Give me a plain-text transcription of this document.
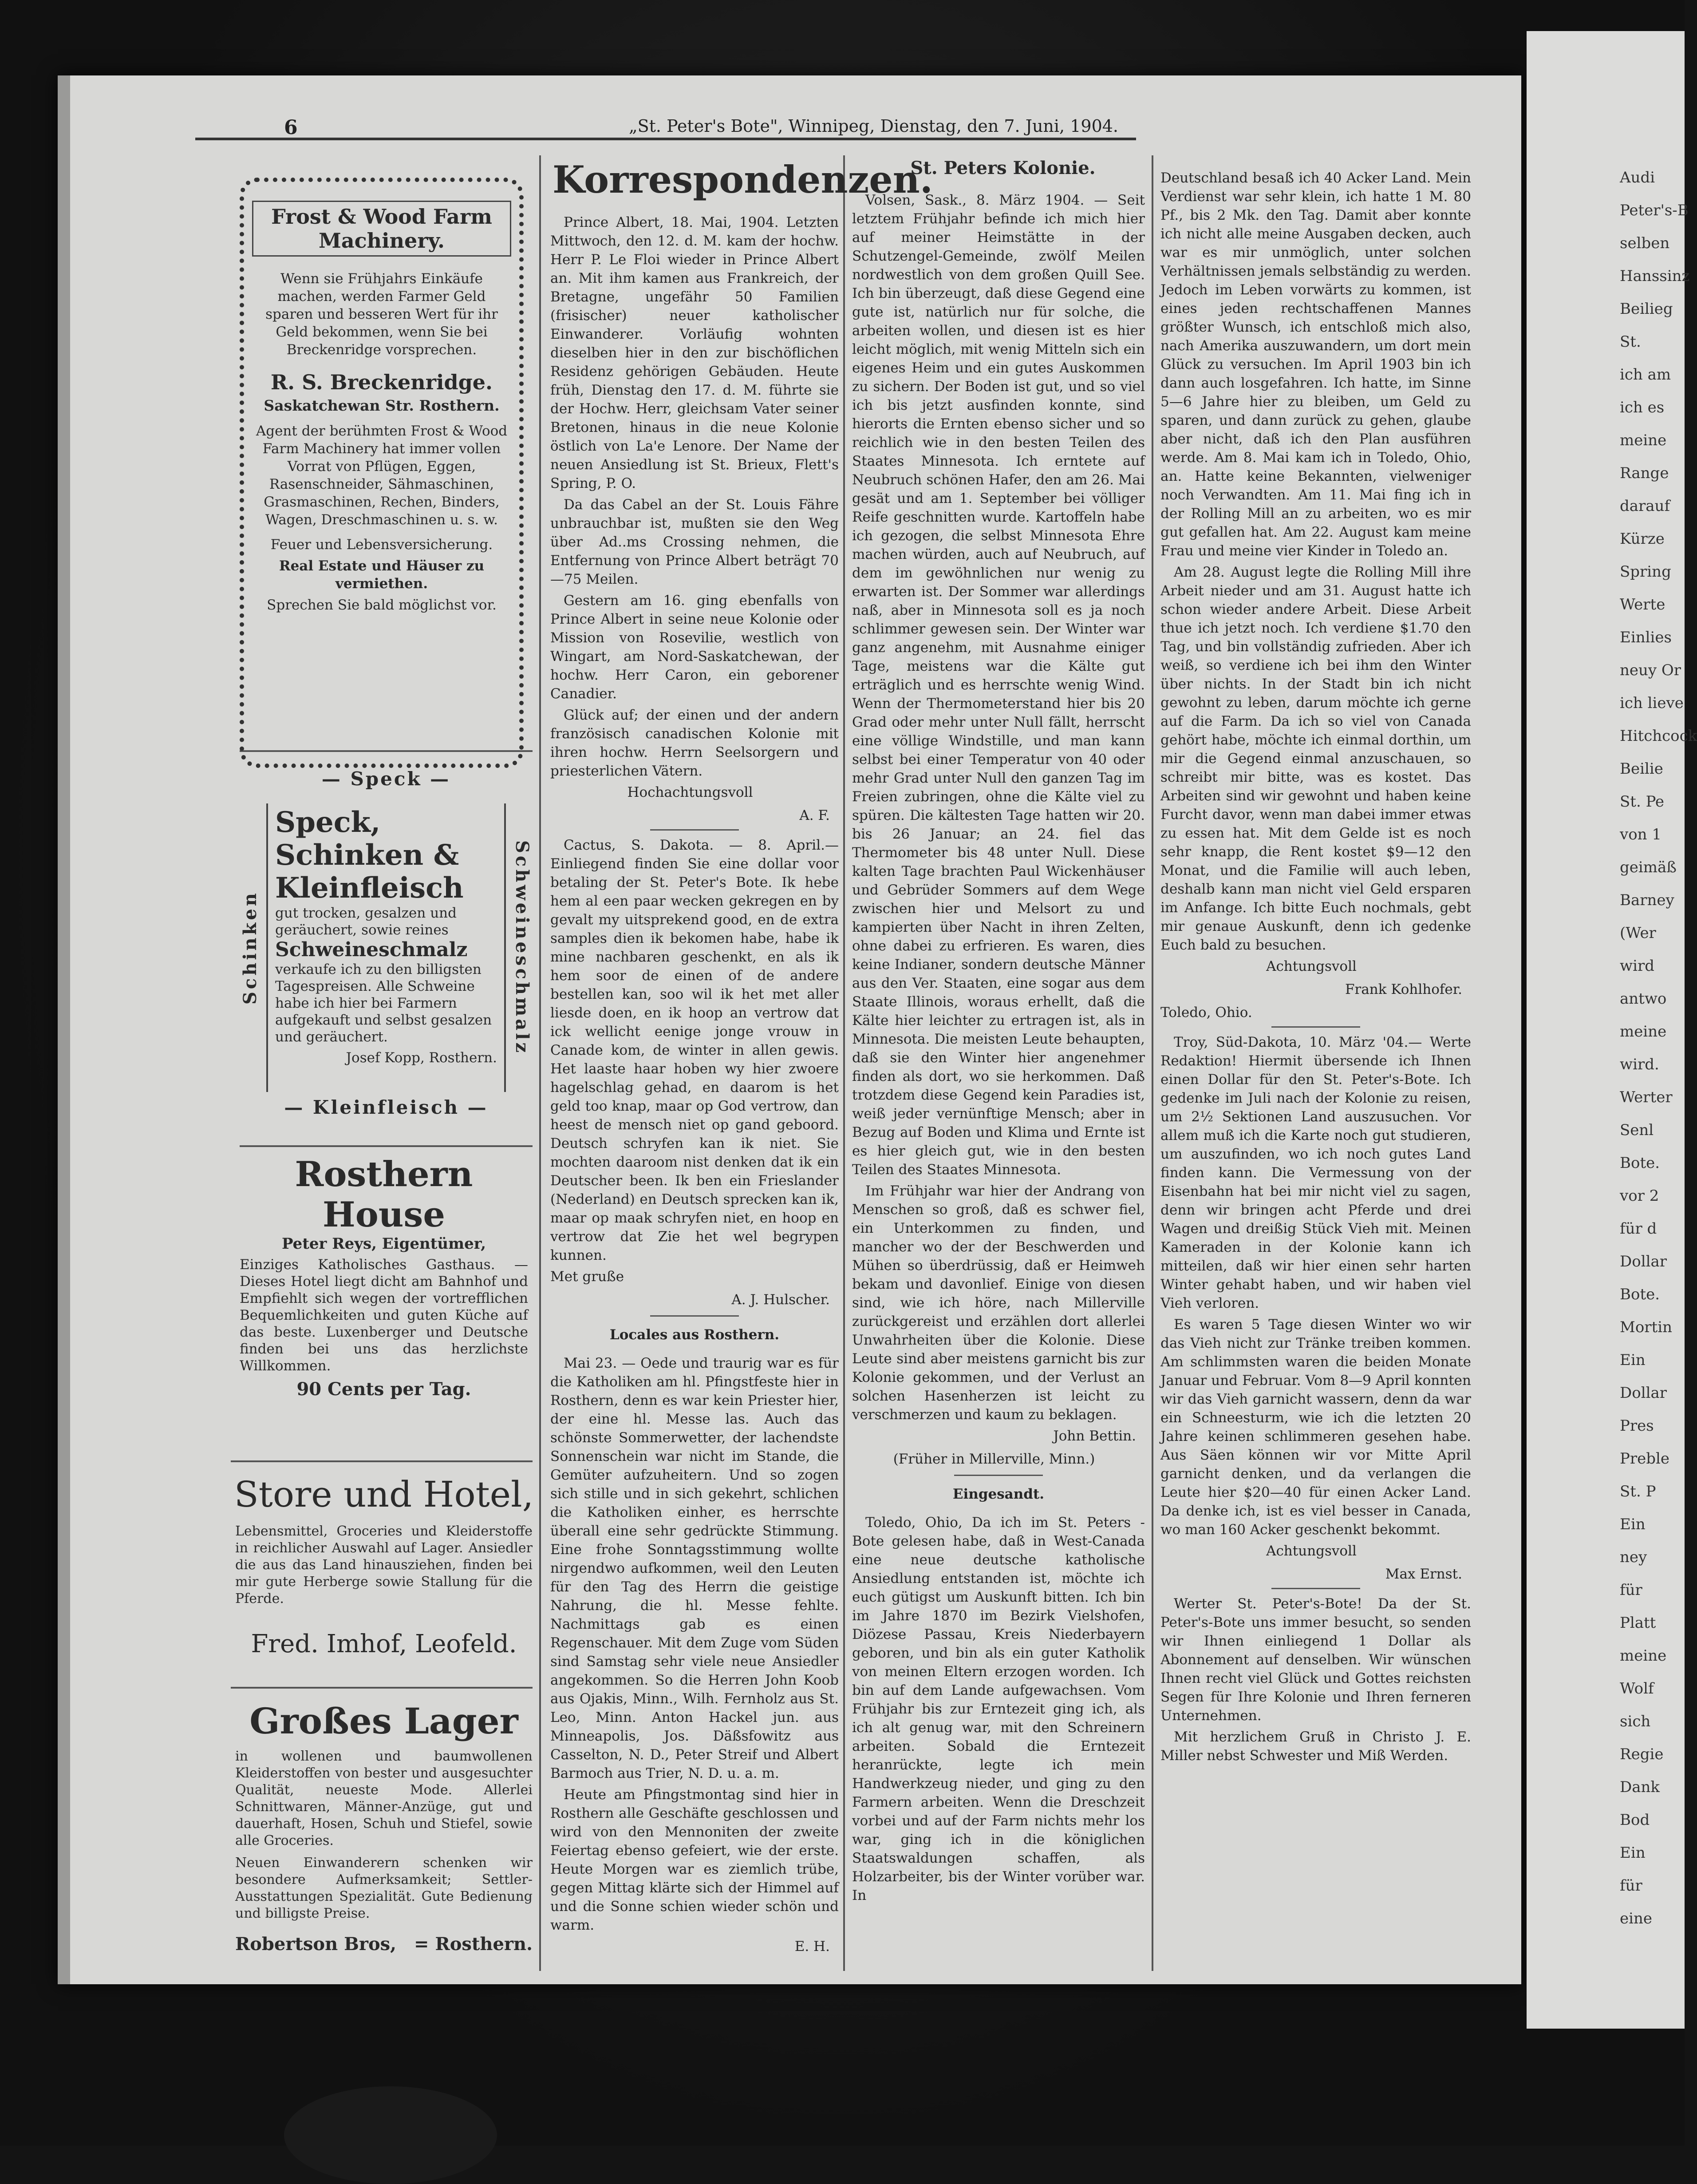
Audi
Peter's-B
selben
Hanssinz
Beilieg
St.
ich am
ich es
meine
Range
darauf
Kürze
Spring
Werte
Einlies
neuy Or
ich lieve
Hitchcock
Beilie
St. Pe
von 1
geimäß
Barney
(Wer
wird
antwo
meine
wird.
Werter
Senl
Bote.
vor 2
für d
Dollar
Bote.
Mortin
Ein
Dollar
Pres
Preble
St. P
Ein
ney
für
Platt
meine
Wolf
sich
Regie
Dank
Bod
Ein
für
eine
6	„St. Peter's Bote", Winnipeg, Dienstag, den 7. Juni, 1904.
Frost & Wood Farm Machinery.
Wenn sie Frühjahrs Einkäufe machen, werden Farmer Geld sparen und besseren Wert für ihr Geld bekommen, wenn Sie bei Breckenridge vorsprechen.
R. S. Breckenridge.
Saskatchewan Str. Rosthern.
Agent der berühmten Frost & Wood Farm Machinery hat immer vollen Vorrat von Pflügen, Eggen, Rasenschneider, Sähmaschinen, Grasmaschinen, Rechen, Binders, Wagen, Dreschmaschinen u. s. w.
Feuer und Lebensversicherung.
Real Estate und Häuser zu vermiethen.
Sprechen Sie bald möglichst vor.
— Speck —
Schinken
Speck, Schinken & Kleinfleisch
gut trocken, gesalzen und geräuchert, sowie reines
Schweineschmalz
verkaufe ich zu den billigsten Tagespreisen. Alle Schweine habe ich hier bei Farmern aufgekauft und selbst gesalzen und geräuchert.
Josef Kopp, Rosthern.
Schweineschmalz
— Kleinfleisch —
Rosthern House
Peter Reys, Eigentümer,
Einziges Katholisches Gasthaus. — Dieses Hotel liegt dicht am Bahnhof und Empfiehlt sich wegen der vortrefflichen Bequemlichkeiten und guten Küche auf das beste. Luxenberger und Deutsche finden bei uns das herzlichste Willkommen.
90 Cents per Tag.
Store und Hotel,
Lebensmittel, Groceries und Kleiderstoffe in reichlicher Auswahl auf Lager. Ansiedler die aus das Land hinausziehen, finden bei mir gute Herberge sowie Stallung für die Pferde.
Fred. Imhof, Leofeld.
Großes Lager
in wollenen und baumwollenen Kleiderstoffen von bester und ausgesuchter Qualität, neueste Mode. Allerlei Schnittwaren, Männer-Anzüge, gut und dauerhaft, Hosen, Schuh und Stiefel, sowie alle Groceries.
Neuen Einwanderern schenken wir besondere Aufmerksamkeit; Settler-Ausstattungen Spezialität. Gute Bedienung und billigste Preise.
Robertson Bros, = Rosthern.
Korrespondenzen.

Prince Albert, 18. Mai, 1904. Letzten Mittwoch, den 12. d. M. kam der hochw. Herr P. Le Floi wieder in Prince Albert an. Mit ihm kamen aus Frankreich, der Bretagne, ungefähr 50 Familien (frisischer) neuer katholischer Einwanderer. Vorläufig wohnten dieselben hier in den zur bischöflichen Residenz gehörigen Gebäuden. Heute früh, Dienstag den 17. d. M. führte sie der Hochw. Herr, gleichsam Vater seiner Bretonen, hinaus in die neue Kolonie östlich von La'e Lenore. Der Name der neuen Ansiedlung ist St. Brieux, Flett's Spring, P. O.

Da das Cabel an der St. Louis Fähre unbrauchbar ist, mußten sie den Weg über Ad..ms Crossing nehmen, die Entfernung von Prince Albert beträgt 70—75 Meilen.

Gestern am 16. ging ebenfalls von Prince Albert in seine neue Kolonie oder Mission von Rosevilie, westlich von Wingart, am Nord-Saskatchewan, der hochw. Herr Caron, ein geborener Canadier.

Glück auf; der einen und der andern französisch canadischen Kolonie mit ihren hochw. Herrn Seelsorgern und priesterlichen Vätern.

Hochachtungsvoll

A. F.

Cactus, S. Dakota. — 8. April.— Einliegend finden Sie eine dollar voor betaling der St. Peter's Bote. Ik hebe hem al een paar wecken gekregen en by gevalt my uitsprekend good, en de extra samples dien ik bekomen habe, habe ik mine nachbaren geschenkt, en als ik hem soor de einen of de andere bestellen kan, soo wil ik het met aller liesde doen, en ik hoop an vertrow dat ick wellicht eenige jonge vrouw in Canade kom, de winter in allen gewis. Het laaste haar hoben wy hier zwoere hagelschlag gehad, en daarom is het geld too knap, maar op God vertrow, dan heest de mensch niet op gand geboord. Deutsch schryfen kan ik niet. Sie mochten daaroom nist denken dat ik ein Deutscher been. Ik ben ein Frieslander (Nederland) en Deutsch sprecken kan ik, maar op maak schryfen niet, en hoop en vertrow dat Zie het wel begrypen kunnen.

Met gruße

A. J. Hulscher.

Locales aus Rosthern.

Mai 23. — Oede und traurig war es für die Katholiken am hl. Pfingstfeste hier in Rosthern, denn es war kein Priester hier, der eine hl. Messe las. Auch das schönste Sommerwetter, der lachendste Sonnenschein war nicht im Stande, die Gemüter aufzuheitern. Und so zogen sich stille und in sich gekehrt, schlichen die Katholiken einher, es herrschte überall eine sehr gedrückte Stimmung. Eine frohe Sonntagsstimmung wollte nirgendwo aufkommen, weil den Leuten für den Tag des Herrn die geistige Nahrung, die hl. Messe fehlte. Nachmittags gab es einen Regenschauer. Mit dem Zuge vom Süden sind Samstag sehr viele neue Ansiedler angekommen. So die Herren John Koob aus Ojakis, Minn., Wilh. Fernholz aus St. Leo, Minn. Anton Hackel jun. aus Minneapolis, Jos. Däßsfowitz aus Casselton, N. D., Peter Streif und Albert Barmoch aus Trier, N. D. u. a. m.

Heute am Pfingstmontag sind hier in Rosthern alle Geschäfte geschlossen und wird von den Mennoniten der zweite Feiertag ebenso gefeiert, wie der erste. Heute Morgen war es ziemlich trübe, gegen Mittag klärte sich der Himmel auf und die Sonne schien wieder schön und warm.

E. H.

St. Peters Kolonie.

Volsen, Sask., 8. März 1904. — Seit letztem Frühjahr befinde ich mich hier auf meiner Heimstätte in der Schutzengel-Gemeinde, zwölf Meilen nordwestlich von dem großen Quill See. Ich bin überzeugt, daß diese Gegend eine gute ist, natürlich nur für solche, die arbeiten wollen, und diesen ist es hier leicht möglich, mit wenig Mitteln sich ein eigenes Heim und ein gutes Auskommen zu sichern. Der Boden ist gut, und so viel ich bis jetzt ausfinden konnte, sind hierorts die Ernten ebenso sicher und so reichlich wie in den besten Teilen des Staates Minnesota. Ich erntete auf Neubruch schönen Hafer, den am 26. Mai gesät und am 1. September bei völliger Reife geschnitten wurde. Kartoffeln habe ich gezogen, die selbst Minnesota Ehre machen würden, auch auf Neubruch, auf dem im gewöhnlichen nur wenig zu erwarten ist. Der Sommer war allerdings naß, aber in Minnesota soll es ja noch schlimmer gewesen sein. Der Winter war ganz angenehm, mit Ausnahme einiger Tage, meistens war die Kälte gut erträglich und es herrschte wenig Wind. Wenn der Thermometerstand hier bis 20 Grad oder mehr unter Null fällt, herrscht eine völlige Windstille, und man kann selbst bei einer Temperatur von 40 oder mehr Grad unter Null den ganzen Tag im Freien zubringen, ohne die Kälte viel zu spüren. Die kältesten Tage hatten wir 20. bis 26 Januar; an 24. fiel das Thermometer bis 48 unter Null. Diese kalten Tage brachten Paul Wickenhäuser und Gebrüder Sommers auf dem Wege zwischen hier und Melsort zu und kampierten über Nacht in ihren Zelten, ohne dabei zu erfrieren. Es waren, dies keine Indianer, sondern deutsche Männer aus den Ver. Staaten, eine sogar aus dem Staate Illinois, woraus erhellt, daß die Kälte hier leichter zu ertragen ist, als in Minnesota. Die meisten Leute behaupten, daß sie den Winter hier angenehmer finden als dort, wo sie herkommen. Daß trotzdem diese Gegend kein Paradies ist, weiß jeder vernünftige Mensch; aber in Bezug auf Boden und Klima und Ernte ist es hier gleich gut, wie in den besten Teilen des Staates Minnesota.

Im Frühjahr war hier der Andrang von Menschen so groß, daß es schwer fiel, ein Unterkommen zu finden, und mancher wo der der Beschwerden und Mühen so überdrüssig, daß er Heimweh bekam und davonlief. Einige von diesen sind, wie ich höre, nach Millerville zurückgereist und erzählen dort allerlei Unwahrheiten über die Kolonie. Diese Leute sind aber meistens garnicht bis zur Kolonie gekommen, und der Verlust an solchen Hasenherzen ist leicht zu verschmerzen und kaum zu beklagen.

John Bettin.

(Früher in Millerville, Minn.)

Eingesandt.

Toledo, Ohio, Da ich im St. Peters - Bote gelesen habe, daß in West-Canada eine neue deutsche katholische Ansiedlung entstanden ist, möchte ich euch gütigst um Auskunft bitten. Ich bin im Jahre 1870 im Bezirk Vielshofen, Diözese Passau, Kreis Niederbayern geboren, und bin als ein guter Katholik von meinen Eltern erzogen worden. Ich bin auf dem Lande aufgewachsen. Vom Frühjahr bis zur Erntezeit ging ich, als ich alt genug war, mit den Schreinern arbeiten. Sobald die Erntezeit heranrückte, legte ich mein Handwerkzeug nieder, und ging zu den Farmern arbeiten. Wenn die Dreschzeit vorbei und auf der Farm nichts mehr los war, ging ich in die königlichen Staatswaldungen schaffen, als Holzarbeiter, bis der Winter vorüber war. In

Deutschland besaß ich 40 Acker Land. Mein Verdienst war sehr klein, ich hatte 1 M. 80 Pf., bis 2 Mk. den Tag. Damit aber konnte ich nicht alle meine Ausgaben decken, auch war es mir unmöglich, unter solchen Verhältnissen jemals selbständig zu werden. Jedoch im Leben vorwärts zu kommen, ist eines jeden rechtschaffenen Mannes größter Wunsch, ich entschloß mich also, nach Amerika auszuwandern, um dort mein Glück zu versuchen. Im April 1903 bin ich dann auch losgefahren. Ich hatte, im Sinne 5—6 Jahre hier zu bleiben, um Geld zu sparen, und dann zurück zu gehen, glaube aber nicht, daß ich den Plan ausführen werde. Am 8. Mai kam ich in Toledo, Ohio, an. Hatte keine Bekannten, vielweniger noch Verwandten. Am 11. Mai fing ich in der Rolling Mill an zu arbeiten, wo es mir gut gefallen hat. Am 22. August kam meine Frau und meine vier Kinder in Toledo an.

Am 28. August legte die Rolling Mill ihre Arbeit nieder und am 31. August hatte ich schon wieder andere Arbeit. Diese Arbeit thue ich jetzt noch. Ich verdiene $1.70 den Tag, und bin vollständig zufrieden. Aber ich weiß, so verdiene ich bei ihm den Winter über nichts. In der Stadt bin ich nicht gewohnt zu leben, darum möchte ich gerne auf die Farm. Da ich so viel von Canada gehört habe, möchte ich einmal dorthin, um mir die Gegend einmal anzuschauen, so schreibt mir bitte, was es kostet. Das Arbeiten sind wir gewohnt und haben keine Furcht davor, wenn man dabei immer etwas zu essen hat. Mit dem Gelde ist es noch sehr knapp, die Rent kostet $9—12 den Monat, und die Familie will auch leben, deshalb kann man nicht viel Geld ersparen im Anfange. Ich bitte Euch nochmals, gebt mir genaue Auskunft, denn ich gedenke Euch bald zu besuchen.

Achtungsvoll

Frank Kohlhofer.

Toledo, Ohio.

Troy, Süd-Dakota, 10. März '04.— Werte Redaktion! Hiermit übersende ich Ihnen einen Dollar für den St. Peter's-Bote. Ich gedenke im Juli nach der Kolonie zu reisen, um 2½ Sektionen Land auszusuchen. Vor allem muß ich die Karte noch gut studieren, um auszufinden, wo ich noch gutes Land finden kann. Die Vermessung von der Eisenbahn hat bei mir nicht viel zu sagen, denn wir bringen acht Pferde und drei Wagen und dreißig Stück Vieh mit. Meinen Kameraden in der Kolonie kann ich mitteilen, daß wir hier einen sehr harten Winter gehabt haben, und wir haben viel Vieh verloren.

Es waren 5 Tage diesen Winter wo wir das Vieh nicht zur Tränke treiben kommen. Am schlimmsten waren die beiden Monate Januar und Februar. Vom 8—9 April konnten wir das Vieh garnicht wassern, denn da war ein Schneesturm, wie ich die letzten 20 Jahre keinen schlimmeren gesehen habe. Aus Säen können wir vor Mitte April garnicht denken, und da verlangen die Leute hier $20—40 für einen Acker Land. Da denke ich, ist es viel besser in Canada, wo man 160 Acker geschenkt bekommt.

Achtungsvoll

Max Ernst.

Werter St. Peter's-Bote! Da der St. Peter's-Bote uns immer besucht, so senden wir Ihnen einliegend 1 Dollar als Abonnement auf denselben. Wir wünschen Ihnen recht viel Glück und Gottes reichsten Segen für Ihre Kolonie und Ihren ferneren Unternehmen.

Mit herzlichem Gruß in Christo J. E. Miller nebst Schwester und Miß Werden.
